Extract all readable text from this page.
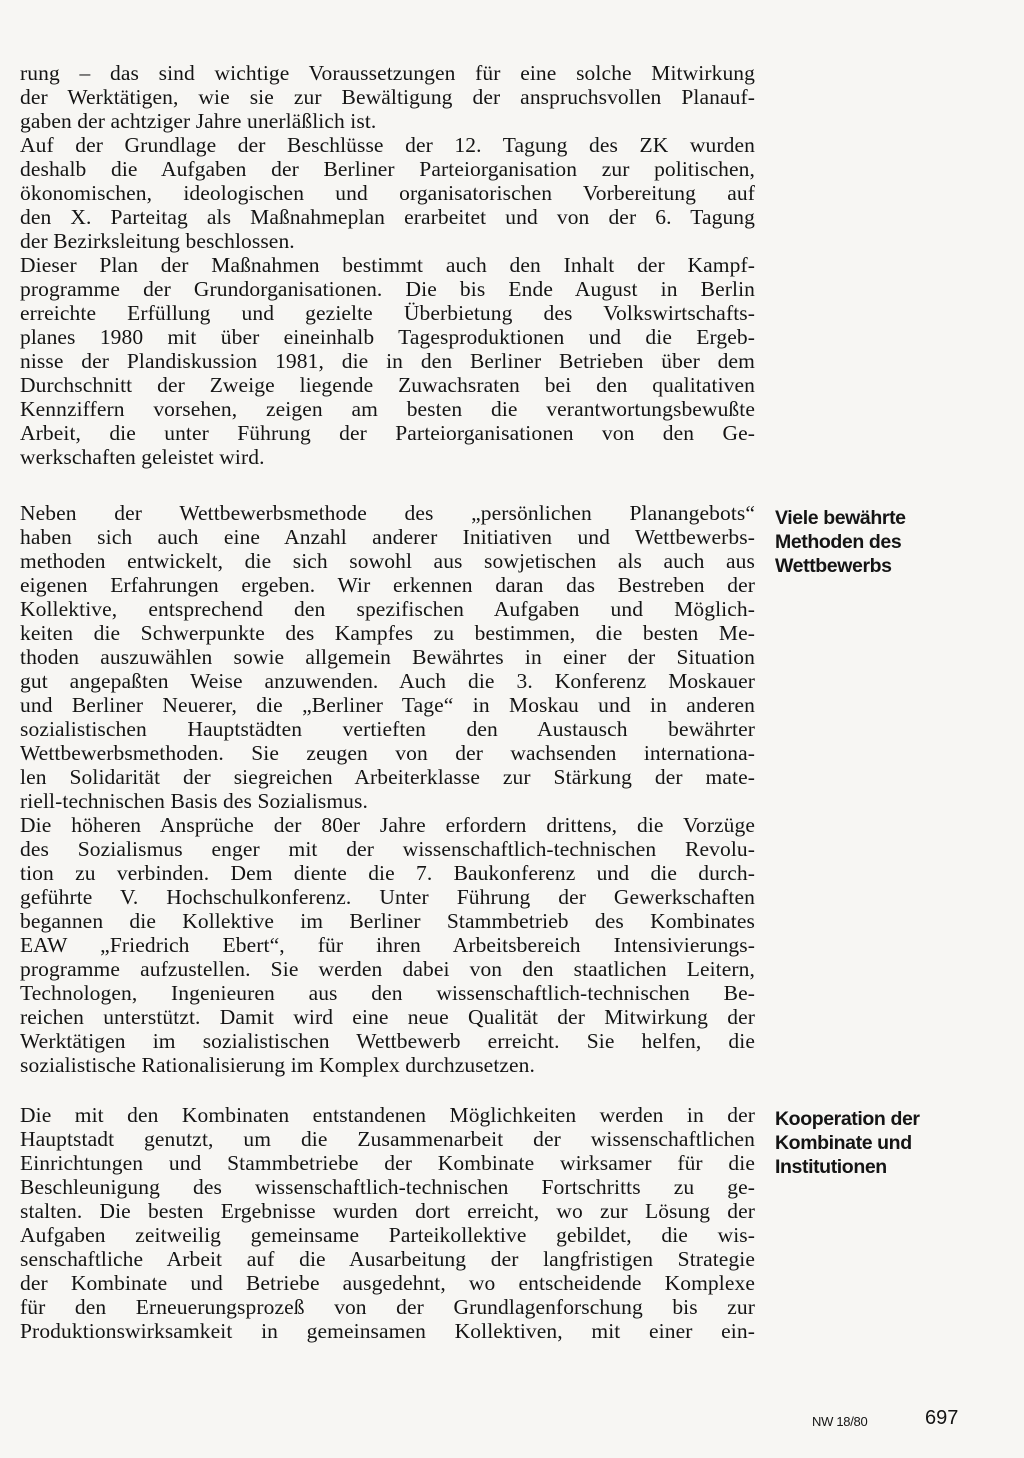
rung – das sind wichtige Voraussetzungen für eine solche Mitwirkung
der Werktätigen, wie sie zur Bewältigung der anspruchsvollen Planauf-
gaben der achtziger Jahre unerläßlich ist.
Auf der Grundlage der Beschlüsse der 12. Tagung des ZK wurden
deshalb die Aufgaben der Berliner Parteiorganisation zur politischen,
ökonomischen, ideologischen und organisatorischen Vorbereitung auf
den X. Parteitag als Maßnahmeplan erarbeitet und von der 6. Tagung
der Bezirksleitung beschlossen.
Dieser Plan der Maßnahmen bestimmt auch den Inhalt der Kampf-
programme der Grundorganisationen. Die bis Ende August in Berlin
erreichte Erfüllung und gezielte Überbietung des Volkswirtschafts-
planes 1980 mit über eineinhalb Tagesproduktionen und die Ergeb-
nisse der Plandiskussion 1981, die in den Berliner Betrieben über dem
Durchschnitt der Zweige liegende Zuwachsraten bei den qualitativen
Kennziffern vorsehen, zeigen am besten die verantwortungsbewußte
Arbeit, die unter Führung der Parteiorganisationen von den Ge-
werkschaften geleistet wird.
Neben der Wettbewerbsmethode des „persönlichen Planangebots“
haben sich auch eine Anzahl anderer Initiativen und Wettbewerbs-
methoden entwickelt, die sich sowohl aus sowjetischen als auch aus
eigenen Erfahrungen ergeben. Wir erkennen daran das Bestreben der
Kollektive, entsprechend den spezifischen Aufgaben und Möglich-
keiten die Schwerpunkte des Kampfes zu bestimmen, die besten Me-
thoden auszuwählen sowie allgemein Bewährtes in einer der Situation
gut angepaßten Weise anzuwenden. Auch die 3. Konferenz Moskauer
und Berliner Neuerer, die „Berliner Tage“ in Moskau und in anderen
sozialistischen Hauptstädten vertieften den Austausch bewährter
Wettbewerbsmethoden. Sie zeugen von der wachsenden internationa-
len Solidarität der siegreichen Arbeiterklasse zur Stärkung der mate-
riell-technischen Basis des Sozialismus.
Die höheren Ansprüche der 80er Jahre erfordern drittens, die Vorzüge
des Sozialismus enger mit der wissenschaftlich-technischen Revolu-
tion zu verbinden. Dem diente die 7. Baukonferenz und die durch-
geführte V. Hochschulkonferenz. Unter Führung der Gewerkschaften
begannen die Kollektive im Berliner Stammbetrieb des Kombinates
EAW „Friedrich Ebert“, für ihren Arbeitsbereich Intensivierungs-
programme aufzustellen. Sie werden dabei von den staatlichen Leitern,
Technologen, Ingenieuren aus den wissenschaftlich-technischen Be-
reichen unterstützt. Damit wird eine neue Qualität der Mitwirkung der
Werktätigen im sozialistischen Wettbewerb erreicht. Sie helfen, die
sozialistische Rationalisierung im Komplex durchzusetzen.
Die mit den Kombinaten entstandenen Möglichkeiten werden in der
Hauptstadt genutzt, um die Zusammenarbeit der wissenschaftlichen
Einrichtungen und Stammbetriebe der Kombinate wirksamer für die
Beschleunigung des wissenschaftlich-technischen Fortschritts zu ge-
stalten. Die besten Ergebnisse wurden dort erreicht, wo zur Lösung der
Aufgaben zeitweilig gemeinsame Parteikollektive gebildet, die wis-
senschaftliche Arbeit auf die Ausarbeitung der langfristigen Strategie
der Kombinate und Betriebe ausgedehnt, wo entscheidende Komplexe
für den Erneuerungsprozeß von der Grundlagenforschung bis zur
Produktionswirksamkeit in gemeinsamen Kollektiven, mit einer ein-
Viele bewährte
Methoden des
Wettbewerbs
Kooperation der
Kombinate und
Institutionen
NW 18/80	697
